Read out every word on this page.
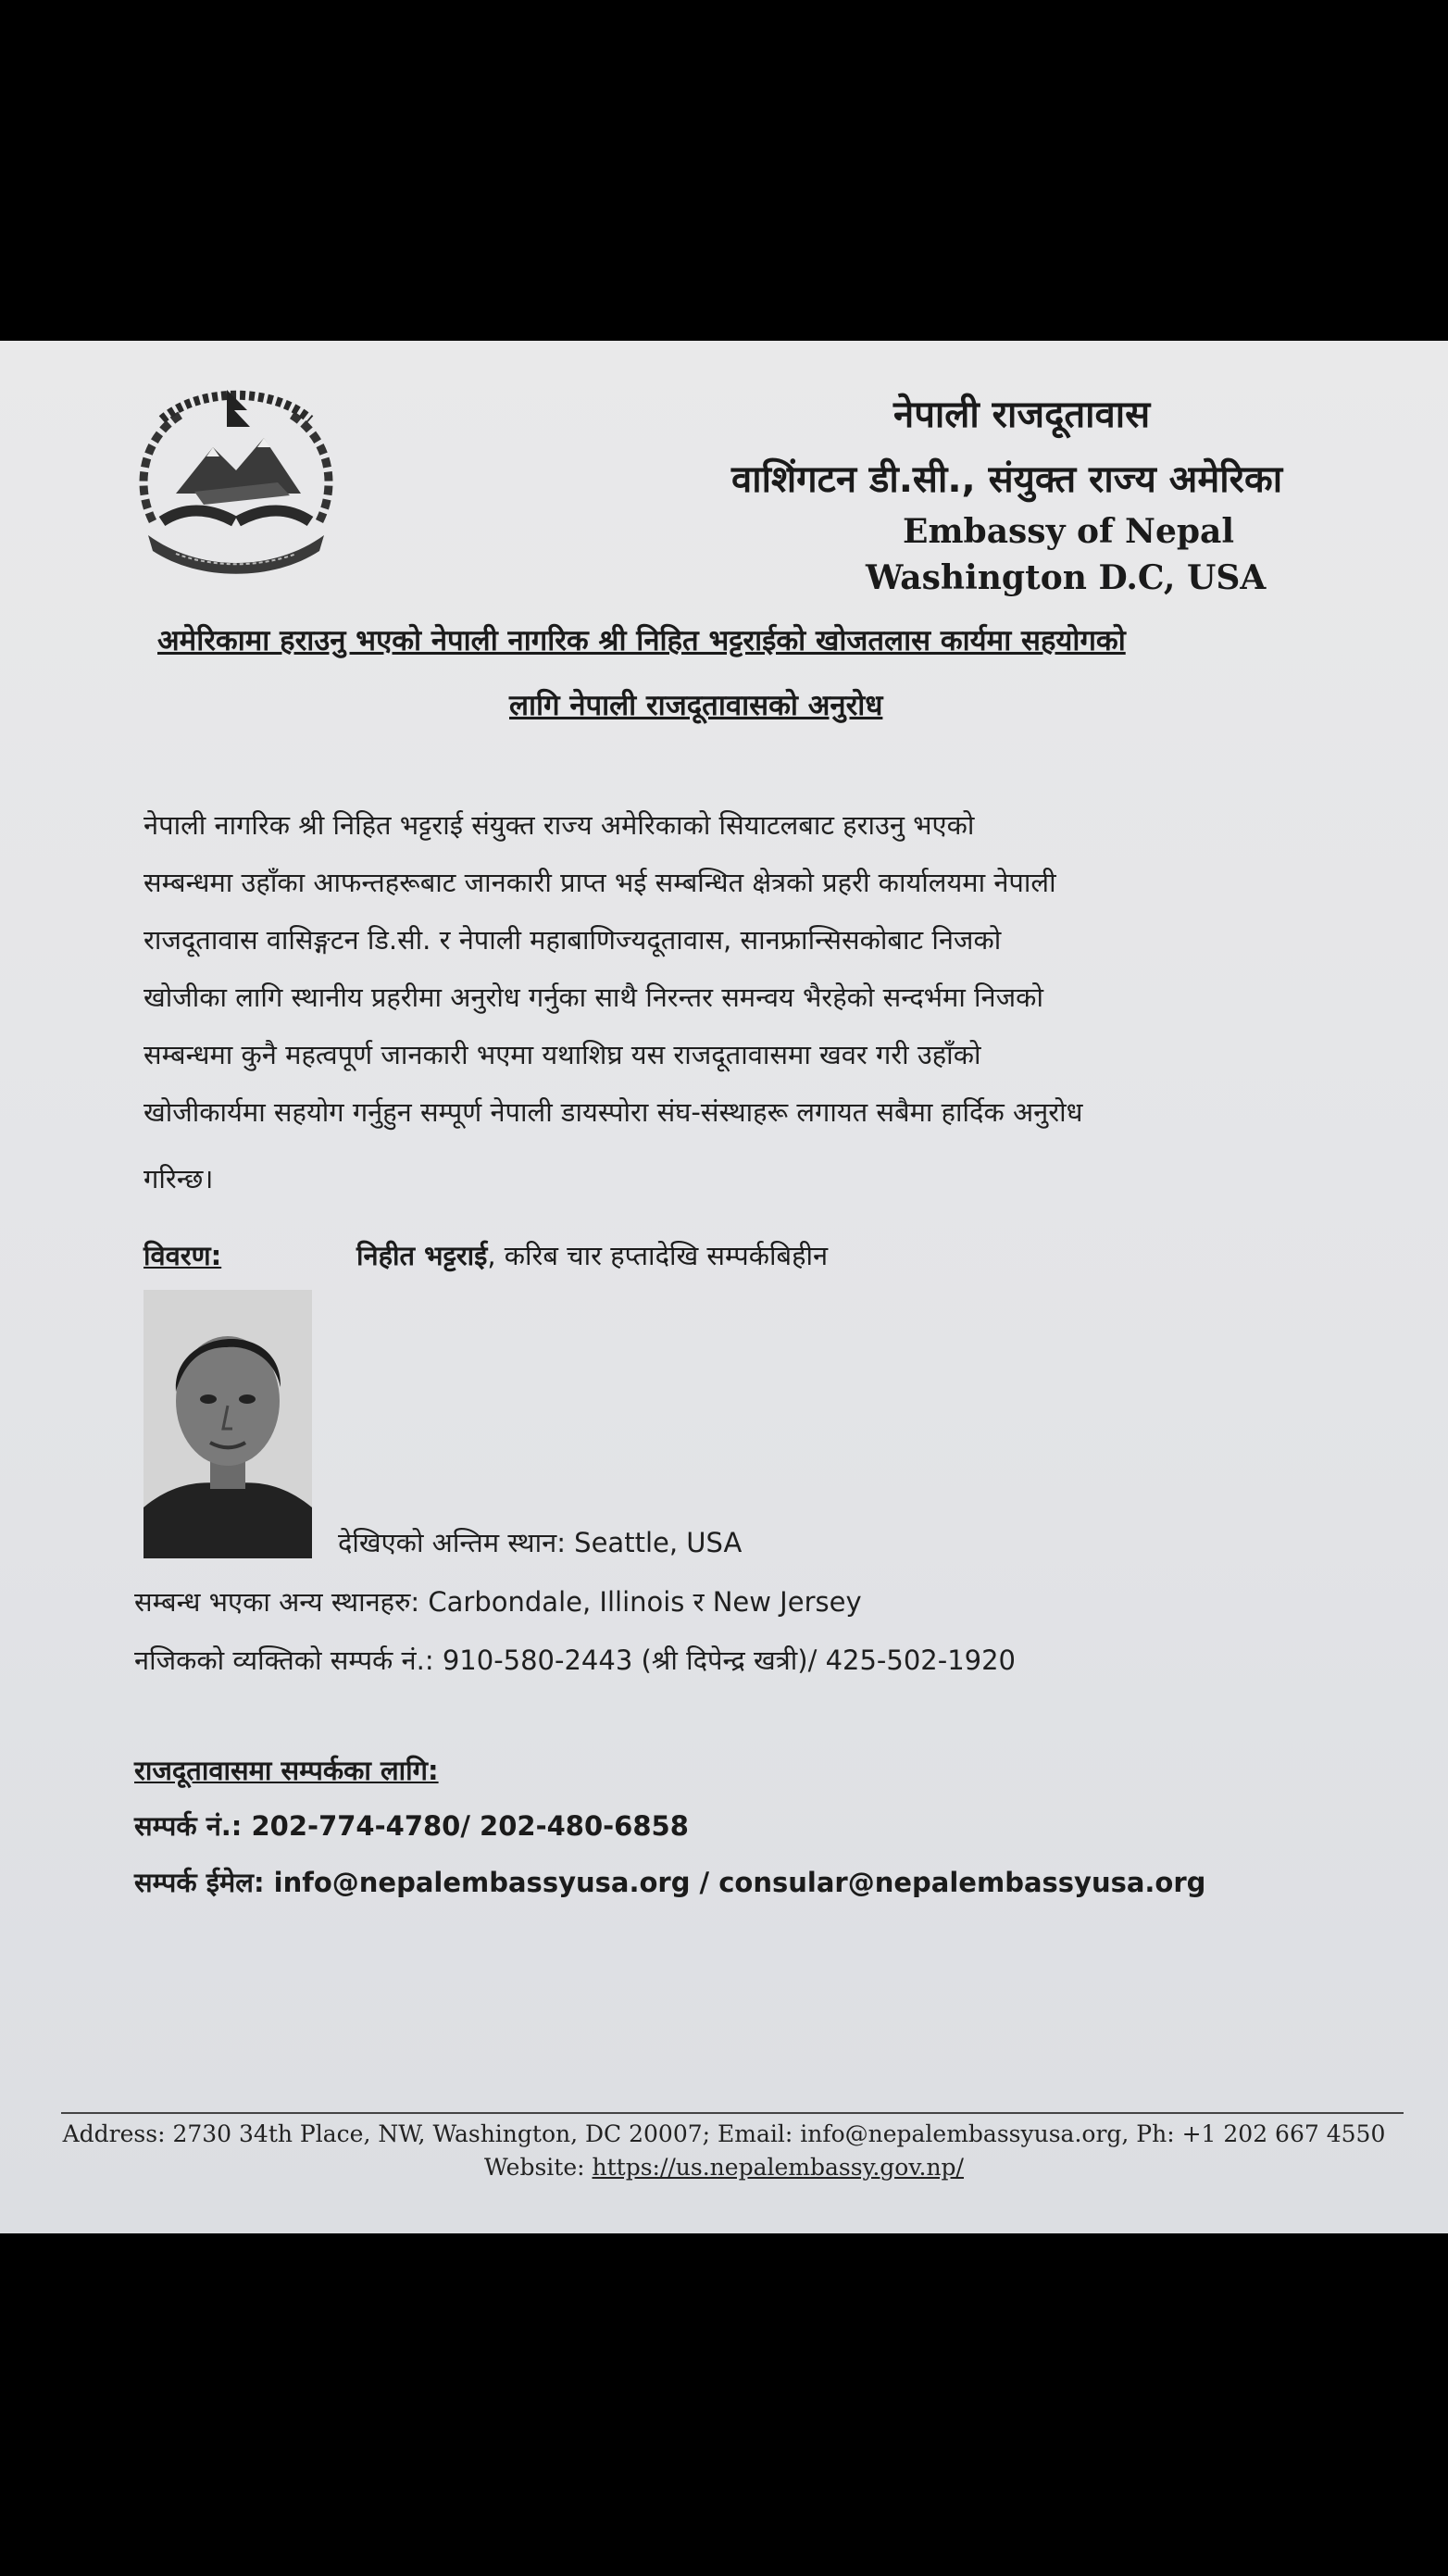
नेपाली राजदूतावास
वाशिंगटन डी.सी., संयुक्त राज्य अमेरिका
Embassy of Nepal
Washington D.C, USA
अमेरिकामा हराउनु भएको नेपाली नागरिक श्री निहित भट्टराईको खोजतलास कार्यमा सहयोगको
लागि नेपाली राजदूतावासको अनुरोध
नेपाली नागरिक श्री निहित भट्टराई संयुक्त राज्य अमेरिकाको सियाटलबाट हराउनु भएको
सम्बन्धमा उहाँका आफन्तहरूबाट जानकारी प्राप्त भई सम्बन्धित क्षेत्रको प्रहरी कार्यालयमा नेपाली
राजदूतावास वासिङ्गटन डि.सी. र नेपाली महाबाणिज्यदूतावास, सानफ्रान्सिसकोबाट निजको
खोजीका लागि स्थानीय प्रहरीमा अनुरोध गर्नुका साथै निरन्तर समन्वय भैरहेको सन्दर्भमा निजको
सम्बन्धमा कुनै महत्वपूर्ण जानकारी भएमा यथाशिघ्र यस राजदूतावासमा खवर गरी उहाँको
खोजीकार्यमा सहयोग गर्नुहुन सम्पूर्ण नेपाली डायस्पोरा संघ-संस्थाहरू लगायत सबैमा हार्दिक अनुरोध
गरिन्छ।
विवरण:	निहीत भट्टराई, करिब चार हप्तादेखि सम्पर्कबिहीन
देखिएको अन्तिम स्थान: Seattle, USA
सम्बन्ध भएका अन्य स्थानहरु: Carbondale, Illinois र New Jersey
नजिकको व्यक्तिको सम्पर्क नं.: 910-580-2443 (श्री दिपेन्द्र खत्री)/ 425-502-1920
राजदूतावासमा सम्पर्कका लागि:
सम्पर्क नं.: 202-774-4780/ 202-480-6858
सम्पर्क ईमेल: info@nepalembassyusa.org / consular@nepalembassyusa.org
Address: 2730 34th Place, NW, Washington, DC 20007; Email: info@nepalembassyusa.org, Ph: +1 202 667 4550
Website: https://us.nepalembassy.gov.np/
